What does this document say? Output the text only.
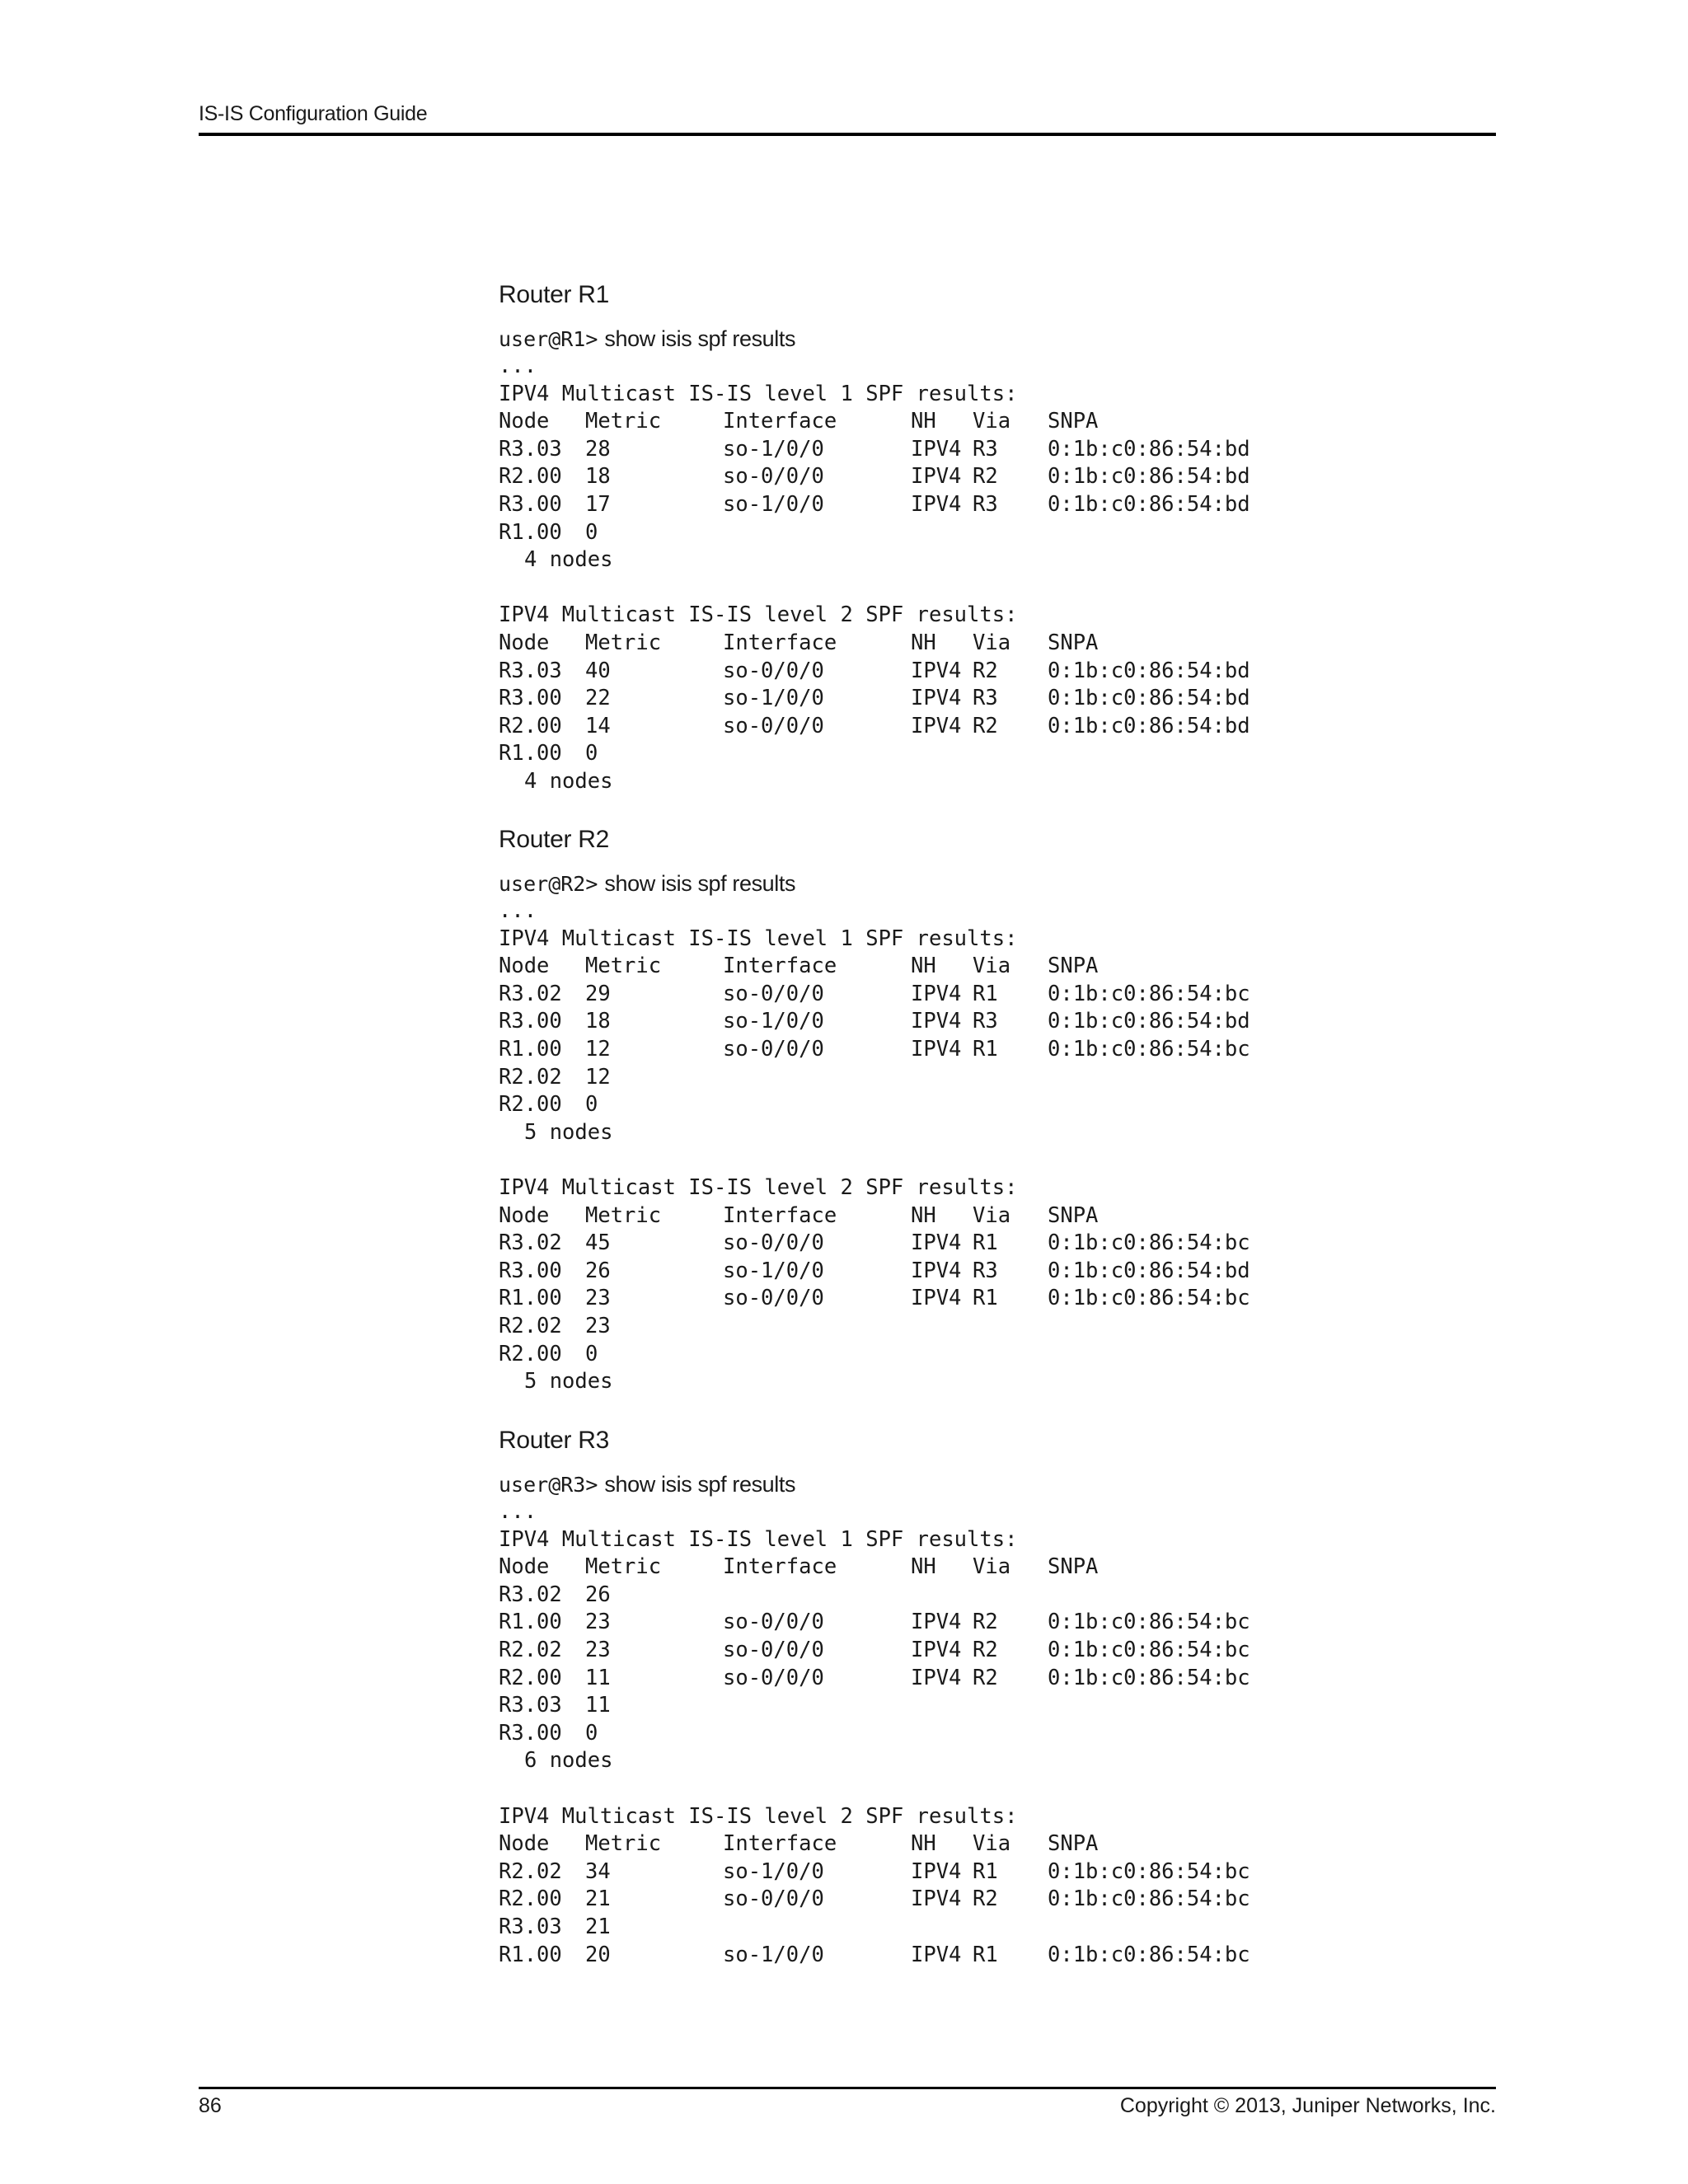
IS-IS Configuration Guide
Router R1
user@R1> show isis spf results
...
IPV4 Multicast IS-IS level 1 SPF results:
Node Metric	Interface	NH Via SNPA
R3.03 28	so-1/0/0	IPV4 R3 0:1b:c0:86:54:bd
R2.00 18	so-0/0/0	IPV4 R2 0:1b:c0:86:54:bd
R3.00 17	so-1/0/0	IPV4 R3 0:1b:c0:86:54:bd
R1.00 0
4 nodes
IPV4 Multicast IS-IS level 2 SPF results:
Node Metric	Interface	NH Via SNPA
R3.03 40	so-0/0/0	IPV4 R2 0:1b:c0:86:54:bd
R3.00 22	so-1/0/0	IPV4 R3 0:1b:c0:86:54:bd
R2.00 14	so-0/0/0	IPV4 R2 0:1b:c0:86:54:bd
R1.00 0
4 nodes
Router R2
user@R2> show isis spf results
...
IPV4 Multicast IS-IS level 1 SPF results:
Node Metric	Interface	NH Via SNPA
R3.02 29	so-0/0/0	IPV4 R1 0:1b:c0:86:54:bc
R3.00 18	so-1/0/0	IPV4 R3 0:1b:c0:86:54:bd
R1.00 12	so-0/0/0	IPV4 R1 0:1b:c0:86:54:bc
R2.02 12
R2.00 0
5 nodes
IPV4 Multicast IS-IS level 2 SPF results:
Node Metric	Interface	NH Via SNPA
R3.02 45	so-0/0/0	IPV4 R1 0:1b:c0:86:54:bc
R3.00 26	so-1/0/0	IPV4 R3 0:1b:c0:86:54:bd
R1.00 23	so-0/0/0	IPV4 R1 0:1b:c0:86:54:bc
R2.02 23
R2.00 0
5 nodes
Router R3
user@R3> show isis spf results
...
IPV4 Multicast IS-IS level 1 SPF results:
Node Metric	Interface	NH Via SNPA
R3.02 26
R1.00 23	so-0/0/0	IPV4 R2 0:1b:c0:86:54:bc
R2.02 23	so-0/0/0	IPV4 R2 0:1b:c0:86:54:bc
R2.00 11	so-0/0/0	IPV4 R2 0:1b:c0:86:54:bc
R3.03 11
R3.00 0
6 nodes
IPV4 Multicast IS-IS level 2 SPF results:
Node Metric	Interface	NH Via SNPA
R2.02 34	so-1/0/0	IPV4 R1 0:1b:c0:86:54:bc
R2.00 21	so-0/0/0	IPV4 R2 0:1b:c0:86:54:bc
R3.03 21
R1.00 20	so-1/0/0	IPV4 R1 0:1b:c0:86:54:bc
86	Copyright © 2013, Juniper Networks, Inc.
